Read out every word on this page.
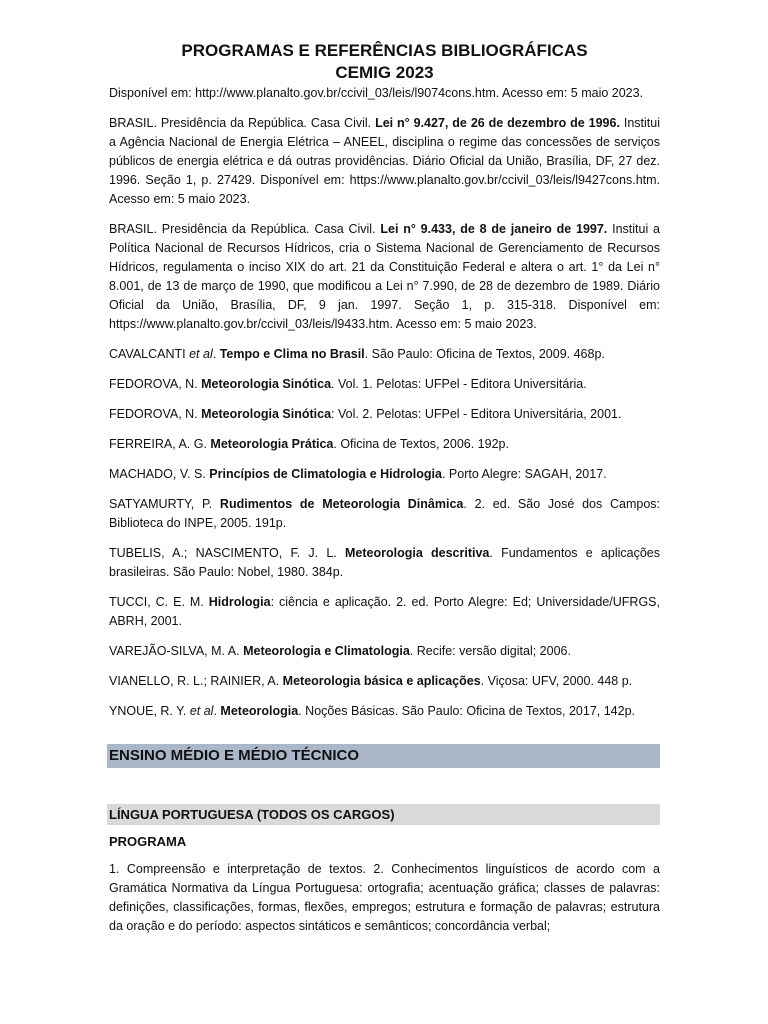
PROGRAMAS E REFERÊNCIAS BIBLIOGRÁFICAS
CEMIG 2023

Disponível em: http://www.planalto.gov.br/ccivil_03/leis/l9074cons.htm. Acesso em: 5 maio 2023.

BRASIL. Presidência da República. Casa Civil. Lei n° 9.427, de 26 de dezembro de 1996. Institui a Agência Nacional de Energia Elétrica – ANEEL, disciplina o regime das concessões de serviços públicos de energia elétrica e dá outras providências. Diário Oficial da União, Brasília, DF, 27 dez. 1996. Seção 1, p. 27429. Disponível em: https://www.planalto.gov.br/ccivil_03/leis/l9427cons.htm. Acesso em: 5 maio 2023.

BRASIL. Presidência da República. Casa Civil. Lei n° 9.433, de 8 de janeiro de 1997. Institui a Política Nacional de Recursos Hídricos, cria o Sistema Nacional de Gerenciamento de Recursos Hídricos, regulamenta o inciso XIX do art. 21 da Constituição Federal e altera o art. 1° da Lei n° 8.001, de 13 de março de 1990, que modificou a Lei n° 7.990, de 28 de dezembro de 1989. Diário Oficial da União, Brasília, DF, 9 jan. 1997. Seção 1, p. 315-318. Disponível em: https://www.planalto.gov.br/ccivil_03/leis/l9433.htm. Acesso em: 5 maio 2023.

CAVALCANTI et al. Tempo e Clima no Brasil. São Paulo: Oficina de Textos, 2009. 468p.

FEDOROVA, N. Meteorologia Sinótica. Vol. 1. Pelotas: UFPel - Editora Universitária.

FEDOROVA, N. Meteorologia Sinótica: Vol. 2. Pelotas: UFPel - Editora Universitária, 2001.

FERREIRA, A. G. Meteorologia Prática. Oficina de Textos, 2006. 192p.

MACHADO, V. S. Princípios de Climatologia e Hidrologia. Porto Alegre: SAGAH, 2017.

SATYAMURTY, P. Rudimentos de Meteorologia Dinâmica. 2. ed. São José dos Campos: Biblioteca do INPE, 2005. 191p.

TUBELIS, A.; NASCIMENTO, F. J. L. Meteorologia descritiva. Fundamentos e aplicações brasileiras. São Paulo: Nobel, 1980. 384p.

TUCCI, C. E. M. Hidrologia: ciência e aplicação. 2. ed. Porto Alegre: Ed; Universidade/UFRGS, ABRH, 2001.

VAREJÃO-SILVA, M. A. Meteorologia e Climatologia. Recife: versão digital; 2006.

VIANELLO, R. L.; RAINIER, A. Meteorologia básica e aplicações. Viçosa: UFV, 2000. 448 p.

YNOUE, R. Y. et al. Meteorologia. Noções Básicas. São Paulo: Oficina de Textos, 2017, 142p.

ENSINO MÉDIO E MÉDIO TÉCNICO
LÍNGUA PORTUGUESA (TODOS OS CARGOS)
PROGRAMA
1. Compreensão e interpretação de textos. 2. Conhecimentos linguísticos de acordo com a Gramática Normativa da Língua Portuguesa: ortografia; acentuação gráfica; classes de palavras: definições, classificações, formas, flexões, empregos; estrutura e formação de palavras; estrutura da oração e do período: aspectos sintáticos e semânticos; concordância verbal;
